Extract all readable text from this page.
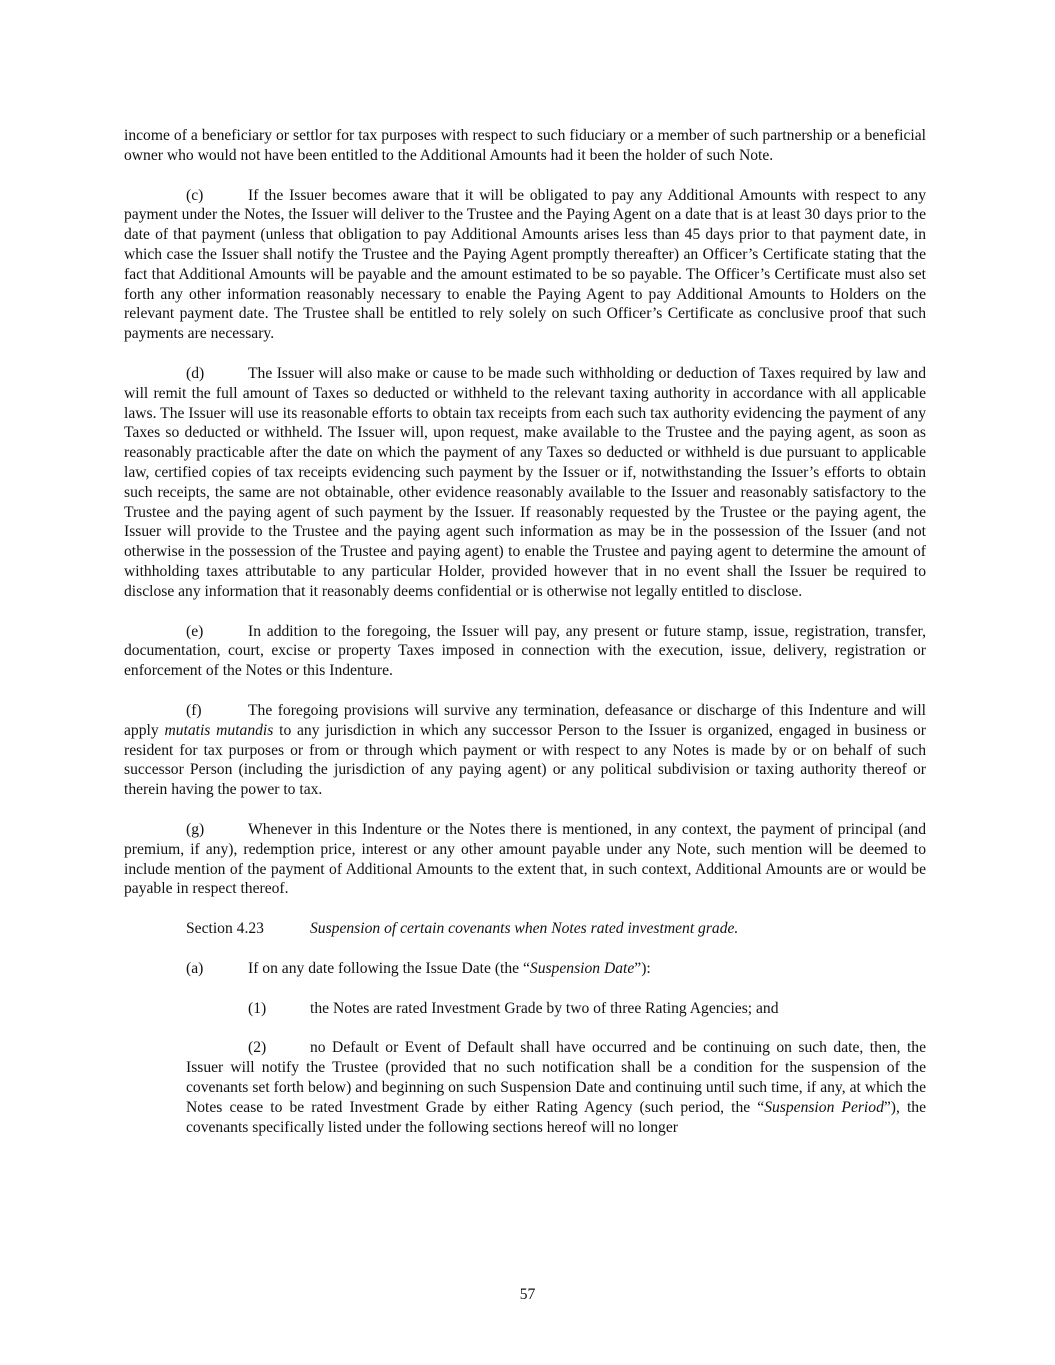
income of a beneficiary or settlor for tax purposes with respect to such fiduciary or a member of such partnership or a beneficial owner who would not have been entitled to the Additional Amounts had it been the holder of such Note.

(c)	If the Issuer becomes aware that it will be obligated to pay any Additional Amounts with respect to any payment under the Notes, the Issuer will deliver to the Trustee and the Paying Agent on a date that is at least 30 days prior to the date of that payment (unless that obligation to pay Additional Amounts arises less than 45 days prior to that payment date, in which case the Issuer shall notify the Trustee and the Paying Agent promptly thereafter) an Officer’s Certificate stating that the fact that Additional Amounts will be payable and the amount estimated to be so payable. The Officer’s Certificate must also set forth any other information reasonably necessary to enable the Paying Agent to pay Additional Amounts to Holders on the relevant payment date. The Trustee shall be entitled to rely solely on such Officer’s Certificate as conclusive proof that such payments are necessary.

(d)	The Issuer will also make or cause to be made such withholding or deduction of Taxes required by law and will remit the full amount of Taxes so deducted or withheld to the relevant taxing authority in accordance with all applicable laws. The Issuer will use its reasonable efforts to obtain tax receipts from each such tax authority evidencing the payment of any Taxes so deducted or withheld. The Issuer will, upon request, make available to the Trustee and the paying agent, as soon as reasonably practicable after the date on which the payment of any Taxes so deducted or withheld is due pursuant to applicable law, certified copies of tax receipts evidencing such payment by the Issuer or if, notwithstanding the Issuer’s efforts to obtain such receipts, the same are not obtainable, other evidence reasonably available to the Issuer and reasonably satisfactory to the Trustee and the paying agent of such payment by the Issuer. If reasonably requested by the Trustee or the paying agent, the Issuer will provide to the Trustee and the paying agent such information as may be in the possession of the Issuer (and not otherwise in the possession of the Trustee and paying agent) to enable the Trustee and paying agent to determine the amount of withholding taxes attributable to any particular Holder, provided however that in no event shall the Issuer be required to disclose any information that it reasonably deems confidential or is otherwise not legally entitled to disclose.

(e)	In addition to the foregoing, the Issuer will pay, any present or future stamp, issue, registration, transfer, documentation, court, excise or property Taxes imposed in connection with the execution, issue, delivery, registration or enforcement of the Notes or this Indenture.

(f)	The foregoing provisions will survive any termination, defeasance or discharge of this Indenture and will apply mutatis mutandis to any jurisdiction in which any successor Person to the Issuer is organized, engaged in business or resident for tax purposes or from or through which payment or with respect to any Notes is made by or on behalf of such successor Person (including the jurisdiction of any paying agent) or any political subdivision or taxing authority thereof or therein having the power to tax.

(g)	Whenever in this Indenture or the Notes there is mentioned, in any context, the payment of principal (and premium, if any), redemption price, interest or any other amount payable under any Note, such mention will be deemed to include mention of the payment of Additional Amounts to the extent that, in such context, Additional Amounts are or would be payable in respect thereof.

Section 4.23	Suspension of certain covenants when Notes rated investment grade.

(a)	If on any date following the Issue Date (the “Suspension Date”):

(1)	the Notes are rated Investment Grade by two of three Rating Agencies; and

(2)	no Default or Event of Default shall have occurred and be continuing on such date, then, the Issuer will notify the Trustee (provided that no such notification shall be a condition for the suspension of the covenants set forth below) and beginning on such Suspension Date and continuing until such time, if any, at which the Notes cease to be rated Investment Grade by either Rating Agency (such period, the “Suspension Period”), the covenants specifically listed under the following sections hereof will no longer

57
